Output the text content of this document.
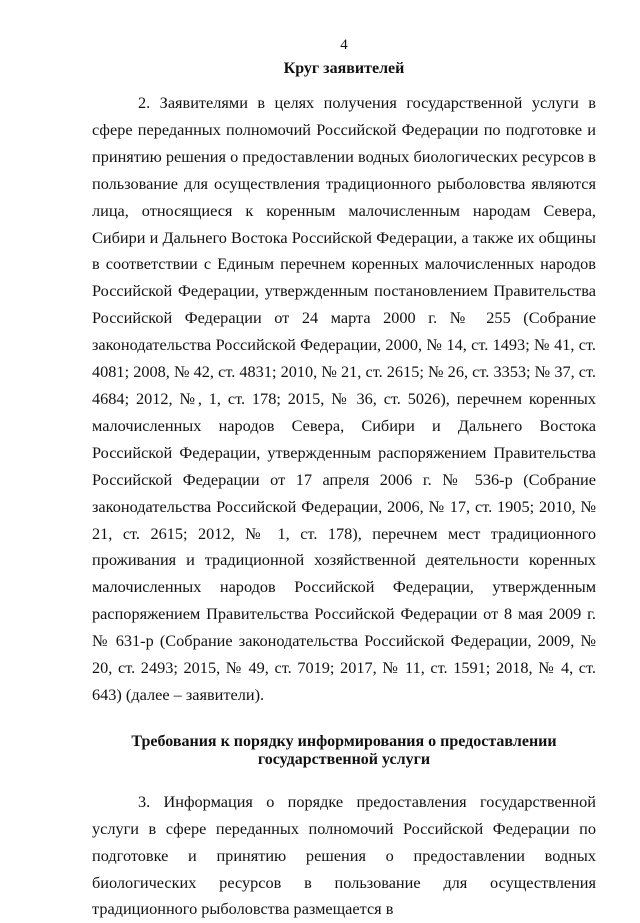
4
Круг заявителей

2. Заявителями в целях получения государственной услуги в сфере переданных полномочий Российской Федерации по подготовке и принятию решения о предоставлении водных биологических ресурсов в пользование для осуществления традиционного рыболовства являются лица, относящиеся к коренным малочисленным народам Севера, Сибири и Дальнего Востока Российской Федерации, а также их общины в соответствии с Единым перечнем коренных малочисленных народов Российской Федерации, утвержденным постановлением Правительства Российской Федерации от 24 марта 2000 г. № 255 (Собрание законодательства Российской Федерации, 2000, № 14, ст. 1493; № 41, ст. 4081; 2008, № 42, ст. 4831; 2010, № 21, ст. 2615; № 26, ст. 3353; № 37, ст. 4684; 2012, №, 1, ст. 178; 2015, № 36, ст. 5026), перечнем коренных малочисленных народов Севера, Сибири и Дальнего Востока Российской Федерации, утвержденным распоряжением Правительства Российской Федерации от 17 апреля 2006 г. № 536-р (Собрание законодательства Российской Федерации, 2006, № 17, ст. 1905; 2010, № 21, ст. 2615; 2012, № 1, ст. 178), перечнем мест традиционного проживания и традиционной хозяйственной деятельности коренных малочисленных народов Российской Федерации, утвержденным распоряжением Правительства Российской Федерации от 8 мая 2009 г. № 631-р (Собрание законодательства Российской Федерации, 2009, № 20, ст. 2493; 2015, № 49, ст. 7019; 2017, № 11, ст. 1591; 2018, № 4, ст. 643) (далее – заявители).

Требования к порядку информирования о предоставлении
государственной услуги

3. Информация о порядке предоставления государственной услуги в сфере переданных полномочий Российской Федерации по подготовке и принятию решения о предоставлении водных биологических ресурсов в пользование для осуществления традиционного рыболовства размещается в
